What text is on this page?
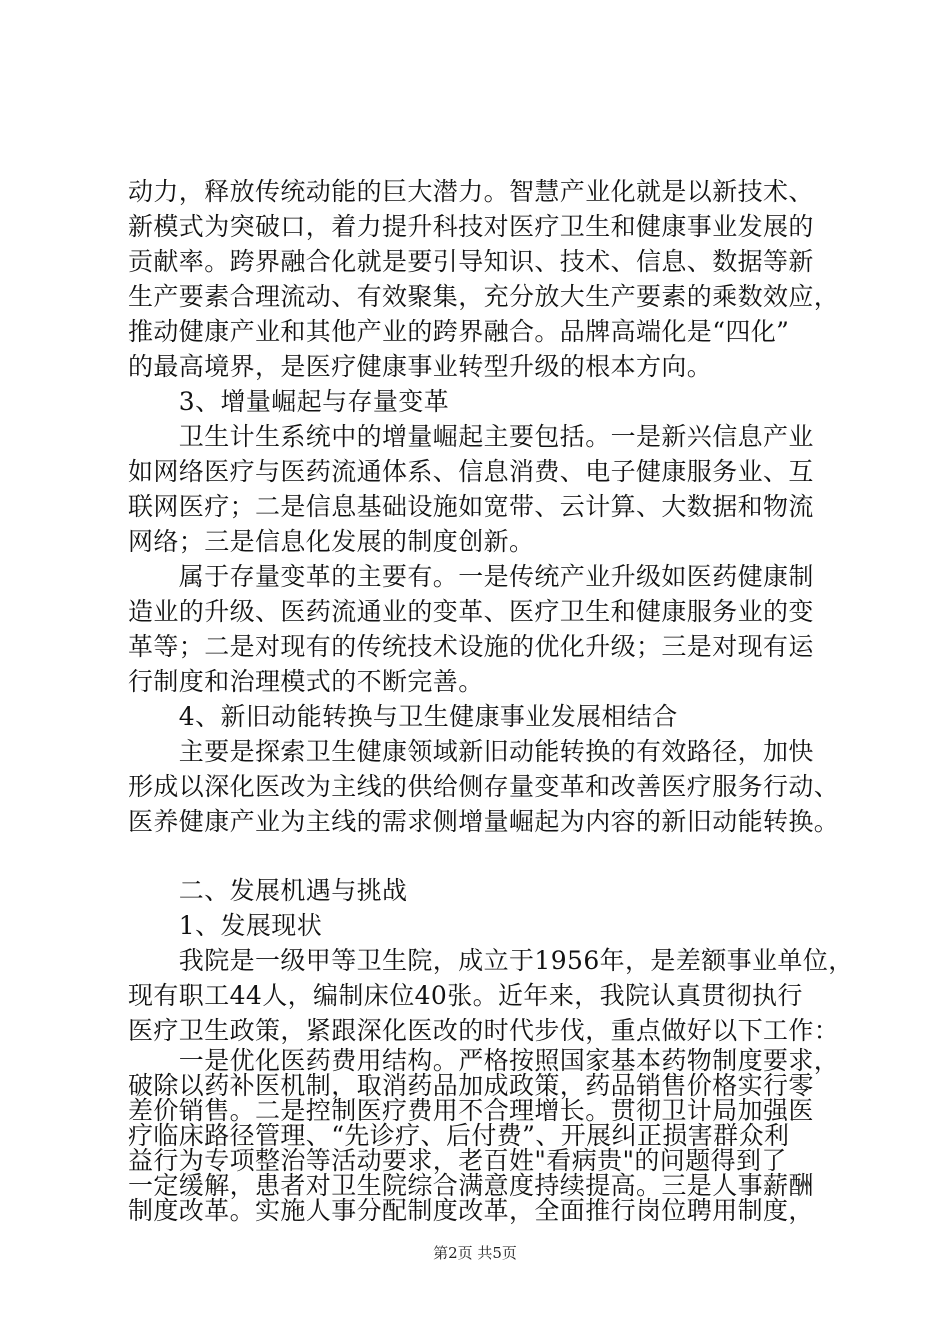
动力，释放传统动能的巨大潜力。智慧产业化就是以新技术、
新模式为突破口，着力提升科技对医疗卫生和健康事业发展的
贡献率。跨界融合化就是要引导知识、技术、信息、数据等新
生产要素合理流动、有效聚集，充分放大生产要素的乘数效应，
推动健康产业和其他产业的跨界融合。品牌高端化是“四化”
的最高境界，是医疗健康事业转型升级的根本方向。
　　3、增量崛起与存量变革
　　卫生计生系统中的增量崛起主要包括。一是新兴信息产业
如网络医疗与医药流通体系、信息消费、电子健康服务业、互
联网医疗；二是信息基础设施如宽带、云计算、大数据和物流
网络；三是信息化发展的制度创新。
　　属于存量变革的主要有。一是传统产业升级如医药健康制
造业的升级、医药流通业的变革、医疗卫生和健康服务业的变
革等；二是对现有的传统技术设施的优化升级；三是对现有运
行制度和治理模式的不断完善。
　　4、新旧动能转换与卫生健康事业发展相结合
　　主要是探索卫生健康领域新旧动能转换的有效路径，加快
形成以深化医改为主线的供给侧存量变革和改善医疗服务行动、
医养健康产业为主线的需求侧增量崛起为内容的新旧动能转换。
　　二、发展机遇与挑战
　　1、发展现状
　　我院是一级甲等卫生院，成立于1956年，是差额事业单位，
现有职工44人，编制床位40张。近年来，我院认真贯彻执行
医疗卫生政策，紧跟深化医改的时代步伐，重点做好以下工作：
　　一是优化医药费用结构。严格按照国家基本药物制度要求，
破除以药补医机制，取消药品加成政策，药品销售价格实行零
差价销售。二是控制医疗费用不合理增长。贯彻卫计局加强医
疗临床路径管理、“先诊疗、后付费”、开展纠正损害群众利
益行为专项整治等活动要求，老百姓"看病贵"的问题得到了
一定缓解，患者对卫生院综合满意度持续提高。三是人事薪酬
制度改革。实施人事分配制度改革，全面推行岗位聘用制度，
第2页 共5页
